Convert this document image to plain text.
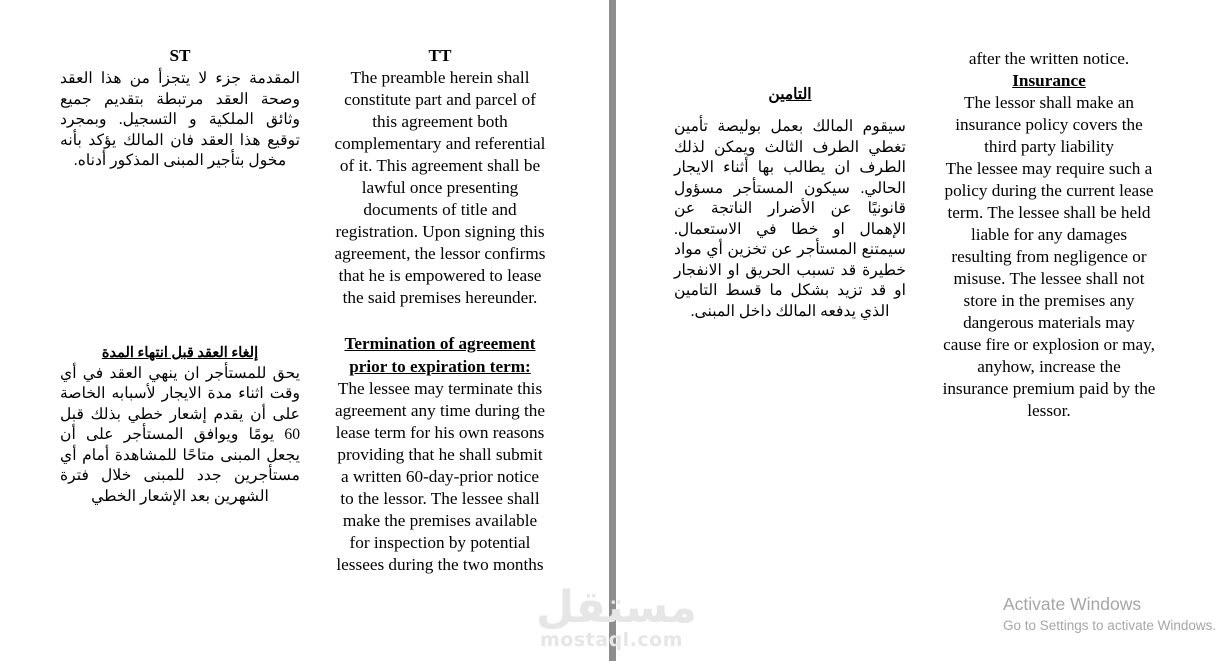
ST
المقدمة جزء لا يتجزأ من هذا العقد وصحة العقد مرتبطة بتقديم جميع وثائق الملكية و التسجيل. وبمجرد توقيع هذا العقد فان المالك يؤكد بأنه مخول بتأجير المبنى المذكور أدناه.
إلغاء العقد قبل انتهاء المدة
يحق للمستأجر ان ينهي العقد في أي وقت اثناء مدة الايجار لأسبابه الخاصة على أن يقدم إشعار خطي بذلك قبل 60 يومًا ويوافق المستأجر على أن يجعل المبنى متاحًا للمشاهدة أمام أي مستأجرين جدد للمبنى خلال فترة الشهرين بعد الإشعار الخطي
TT
The preamble herein shall
constitute part and parcel of
this agreement both
complementary and referential
of it. This agreement shall be
lawful once presenting
documents of title and
registration. Upon signing this
agreement, the lessor confirms
that he is empowered to lease
the said premises hereunder.
Termination of agreement
prior to expiration term:
The lessee may terminate this
agreement any time during the
lease term for his own reasons
providing that he shall submit
a written 60-day-prior notice
to the lessor. The lessee shall
make the premises available
for inspection by potential
lessees during the two months
التامين
سيقوم المالك بعمل بوليصة تأمين تغطي الطرف الثالث ويمكن لذلك الطرف ان يطالب بها أثناء الايجار الحالي. سيكون المستأجر مسؤول قانونيًا عن الأضرار الناتجة عن الإهمال او خطا في الاستعمال. سيمتنع المستأجر عن تخزين أي مواد خطيرة قد تسبب الحريق او الانفجار او قد تزيد بشكل ما قسط التامين الذي يدفعه المالك داخل المبنى.
after the written notice.
Insurance
The lessor shall make an
insurance policy covers the
third party liability
The lessee may require such a
policy during the current lease
term. The lessee shall be held
liable for any damages
resulting from negligence or
misuse. The lessee shall not
store in the premises any
dangerous materials may
cause fire or explosion or may,
anyhow, increase the
insurance premium paid by the
lessor.
مستقل
mostaql.com
Activate Windows
Go to Settings to activate Windows.
